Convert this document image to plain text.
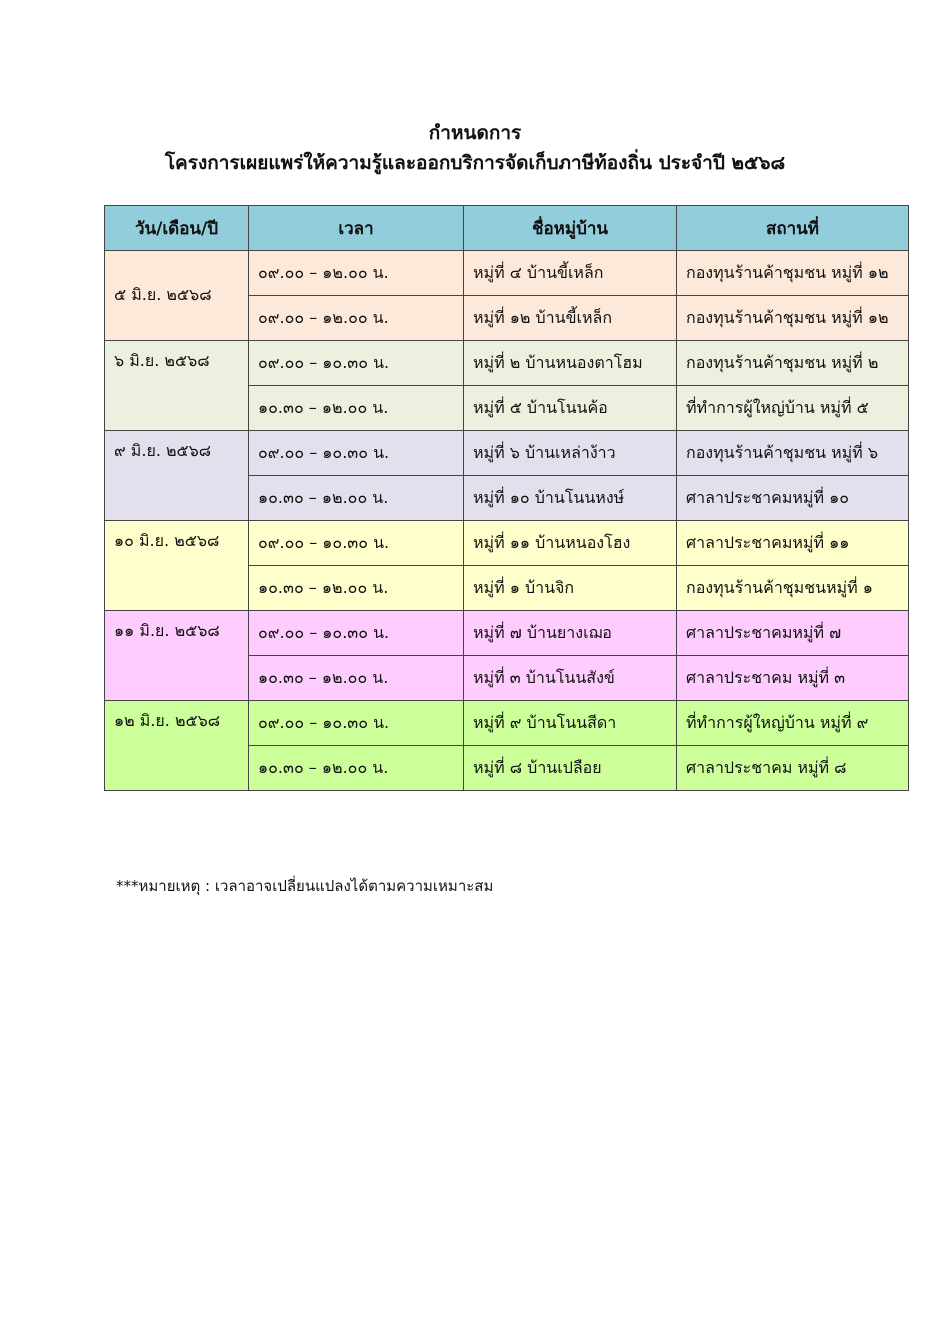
กำหนดการ
โครงการเผยแพร่ให้ความรู้และออกบริการจัดเก็บภาษีท้องถิ่น ประจำปี ๒๕๖๘
วัน/เดือน/ปี	เวลา	ชื่อหมู่บ้าน	สถานที่
๕ มิ.ย. ๒๕๖๘	๐๙.๐๐ – ๑๒.๐๐ น.	หมู่ที่ ๔ บ้านขี้เหล็ก	กองทุนร้านค้าชุมชน หมู่ที่ ๑๒
	๐๙.๐๐ – ๑๒.๐๐ น.	หมู่ที่ ๑๒ บ้านขี้เหล็ก	กองทุนร้านค้าชุมชน หมู่ที่ ๑๒
๖ มิ.ย. ๒๕๖๘	๐๙.๐๐ – ๑๐.๓๐ น.	หมู่ที่ ๒ บ้านหนองตาโฮม	กองทุนร้านค้าชุมชน หมู่ที่ ๒
	๑๐.๓๐ – ๑๒.๐๐ น.	หมู่ที่ ๕ บ้านโนนค้อ	ที่ทำการผู้ใหญ่บ้าน หมู่ที่ ๕
๙ มิ.ย. ๒๕๖๘	๐๙.๐๐ – ๑๐.๓๐ น.	หมู่ที่ ๖ บ้านเหล่าง้าว	กองทุนร้านค้าชุมชน หมู่ที่ ๖
	๑๐.๓๐ – ๑๒.๐๐ น.	หมู่ที่ ๑๐ บ้านโนนหงษ์	ศาลาประชาคมหมู่ที่ ๑๐
๑๐ มิ.ย. ๒๕๖๘	๐๙.๐๐ – ๑๐.๓๐ น.	หมู่ที่ ๑๑ บ้านหนองโฮง	ศาลาประชาคมหมู่ที่ ๑๑
	๑๐.๓๐ – ๑๒.๐๐ น.	หมู่ที่ ๑ บ้านจิก	กองทุนร้านค้าชุมชนหมู่ที่ ๑
๑๑ มิ.ย. ๒๕๖๘	๐๙.๐๐ – ๑๐.๓๐ น.	หมู่ที่ ๗ บ้านยางเฌอ	ศาลาประชาคมหมู่ที่ ๗
	๑๐.๓๐ – ๑๒.๐๐ น.	หมู่ที่ ๓ บ้านโนนสังข์	ศาลาประชาคม หมู่ที่ ๓
๑๒ มิ.ย. ๒๕๖๘	๐๙.๐๐ – ๑๐.๓๐ น.	หมู่ที่ ๙ บ้านโนนสีดา	ที่ทำการผู้ใหญ่บ้าน หมู่ที่ ๙
	๑๐.๓๐ – ๑๒.๐๐ น.	หมู่ที่ ๘ บ้านเปลือย	ศาลาประชาคม หมู่ที่ ๘
***หมายเหตุ : เวลาอาจเปลี่ยนแปลงได้ตามความเหมาะสม
